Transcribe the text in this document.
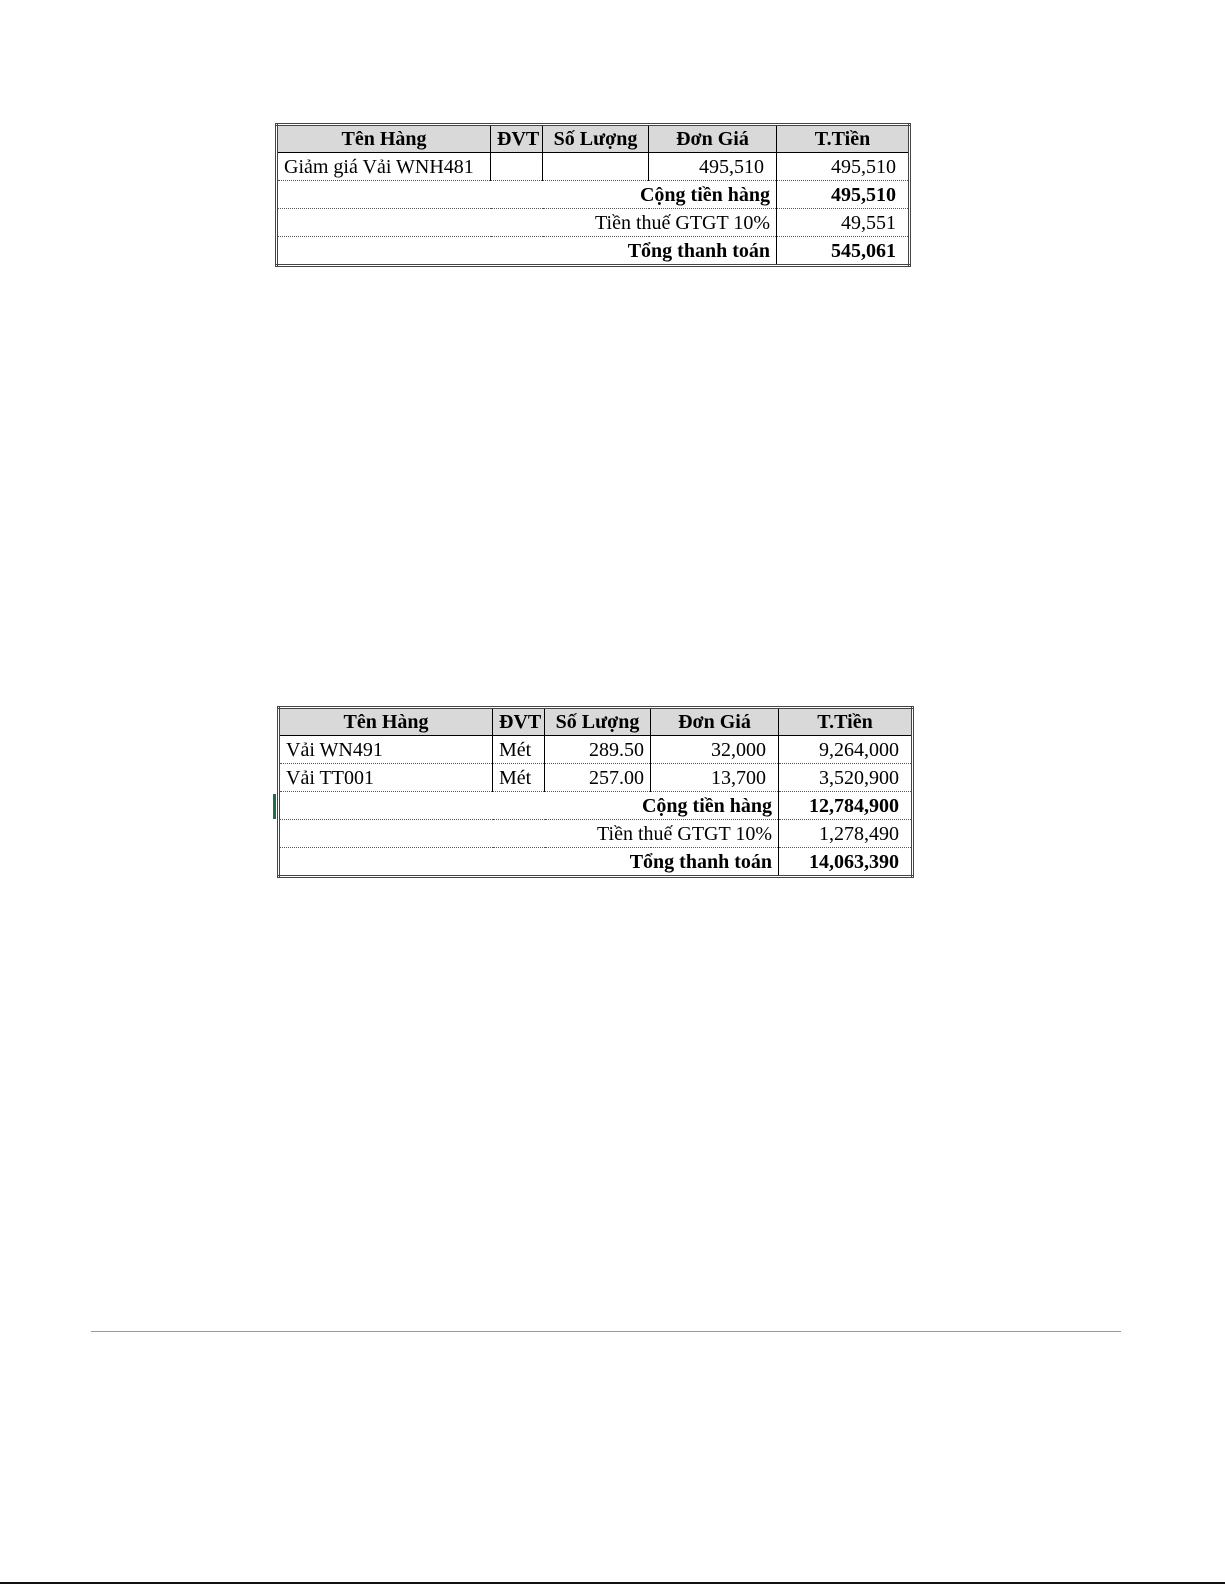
Tên Hàng	ĐVT	Số Lượng	Đơn Giá	T.Tiền
Giảm giá Vải WNH481			495,510	495,510
Cộng tiền hàng				495,510
Tiền thuế GTGT 10%				49,551
Tổng thanh toán				545,061
Tên Hàng	ĐVT	Số Lượng	Đơn Giá	T.Tiền
Vải WN491	Mét	289.50	32,000	9,264,000
Vải TT001	Mét	257.00	13,700	3,520,900
Cộng tiền hàng				12,784,900
Tiền thuế GTGT 10%				1,278,490
Tổng thanh toán				14,063,390
